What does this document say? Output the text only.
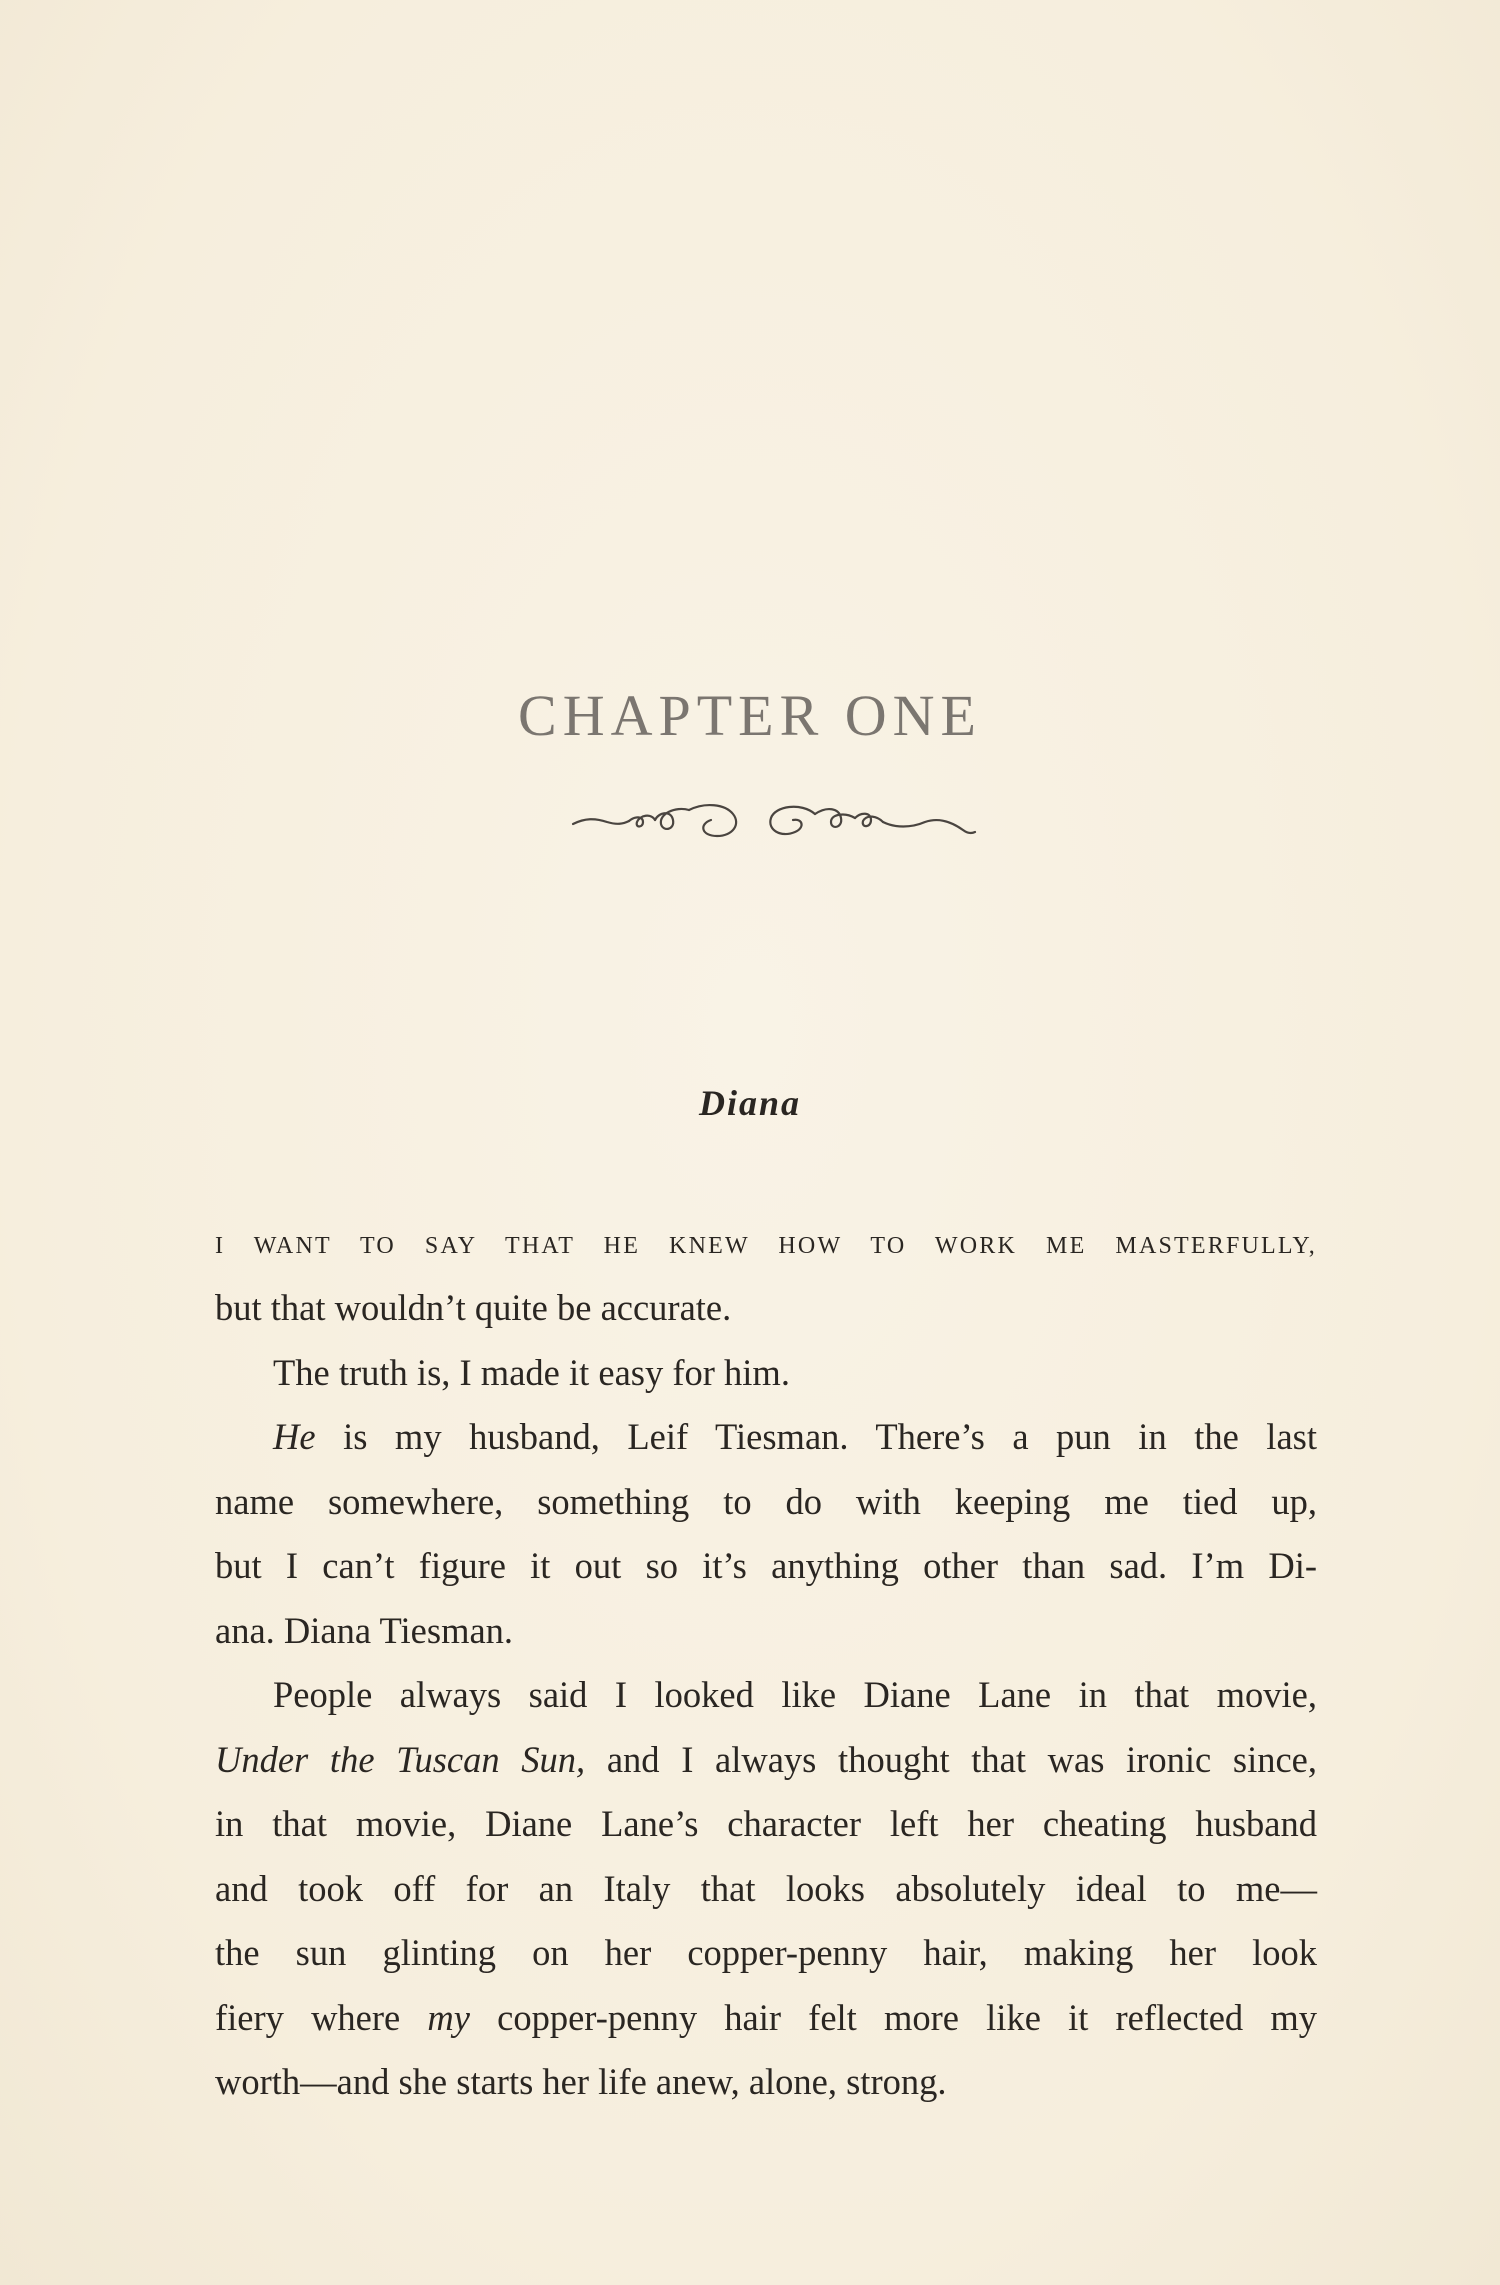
CHAPTER ONE
Diana
I WANT TO SAY THAT HE KNEW HOW TO WORK ME MASTERFULLY,
but that wouldn’t quite be accurate.
The truth is, I made it easy for him.
He is my husband, Leif Tiesman. There’s a pun in the last
name somewhere, something to do with keeping me tied up,
but I can’t figure it out so it’s anything other than sad. I’m Di-
ana. Diana Tiesman.
People always said I looked like Diane Lane in that movie,
Under the Tuscan Sun, and I always thought that was ironic since,
in that movie, Diane Lane’s character left her cheating husband
and took off for an Italy that looks absolutely ideal to me—
the sun glinting on her copper-penny hair, making her look
fiery where my copper-penny hair felt more like it reflected my
worth—and she starts her life anew, alone, strong.
